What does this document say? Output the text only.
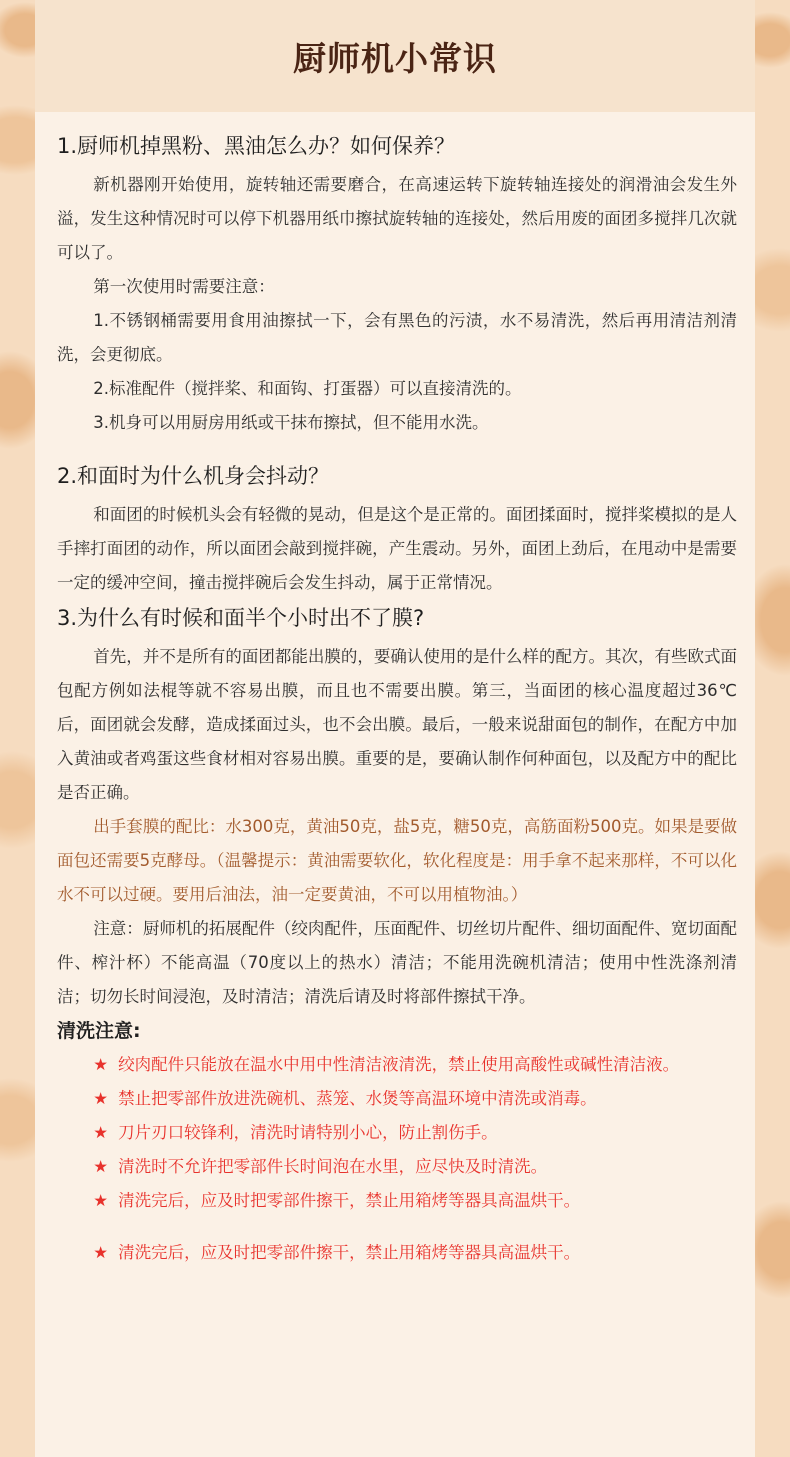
厨师机小常识
1.厨师机掉黑粉、黑油怎么办？如何保养？

新机器刚开始使用，旋转轴还需要磨合，在高速运转下旋转轴连接处的润滑油会发生外溢，发生这种情况时可以停下机器用纸巾擦拭旋转轴的连接处，然后用废的面团多搅拌几次就可以了。

第一次使用时需要注意：

1.不锈钢桶需要用食用油擦拭一下，会有黑色的污渍，水不易清洗，然后再用清洁剂清洗，会更彻底。

2.标准配件（搅拌桨、和面钩、打蛋器）可以直接清洗的。

3.机身可以用厨房用纸或干抹布擦拭，但不能用水洗。

2.和面时为什么机身会抖动？

和面团的时候机头会有轻微的晃动，但是这个是正常的。面团揉面时，搅拌桨模拟的是人手摔打面团的动作，所以面团会敲到搅拌碗，产生震动。另外，面团上劲后，在甩动中是需要一定的缓冲空间，撞击搅拌碗后会发生抖动，属于正常情况。

3.为什么有时候和面半个小时出不了膜?

首先，并不是所有的面团都能出膜的，要确认使用的是什么样的配方。其次，有些欧式面包配方例如法棍等就不容易出膜，而且也不需要出膜。第三，当面团的核心温度超过36℃后，面团就会发酵，造成揉面过头，也不会出膜。最后，一般来说甜面包的制作，在配方中加入黄油或者鸡蛋这些食材相对容易出膜。重要的是，要确认制作何种面包，以及配方中的配比是否正确。

出手套膜的配比：水300克，黄油50克，盐5克，糖50克，高筋面粉500克。如果是要做面包还需要5克酵母。（温馨提示：黄油需要软化，软化程度是：用手拿不起来那样，不可以化水不可以过硬。要用后油法，油一定要黄油，不可以用植物油。）

注意：厨师机的拓展配件（绞肉配件，压面配件、切丝切片配件、细切面配件、宽切面配件、榨汁杯）不能高温（70度以上的热水）清洁；不能用洗碗机清洁；使用中性洗涤剂清洁；切勿长时间浸泡，及时清洁；清洗后请及时将部件擦拭干净。

清洗注意:

★ 绞肉配件只能放在温水中用中性清洁液清洗，禁止使用高酸性或碱性清洁液。

★ 禁止把零部件放进洗碗机、蒸笼、水煲等高温环境中清洗或消毒。

★ 刀片刃口较锋利，清洗时请特别小心，防止割伤手。

★ 清洗时不允许把零部件长时间泡在水里，应尽快及时清洗。

★ 清洗完后，应及时把零部件擦干，禁止用箱烤等器具高温烘干。

★ 清洗完后，应及时把零部件擦干，禁止用箱烤等器具高温烘干。
